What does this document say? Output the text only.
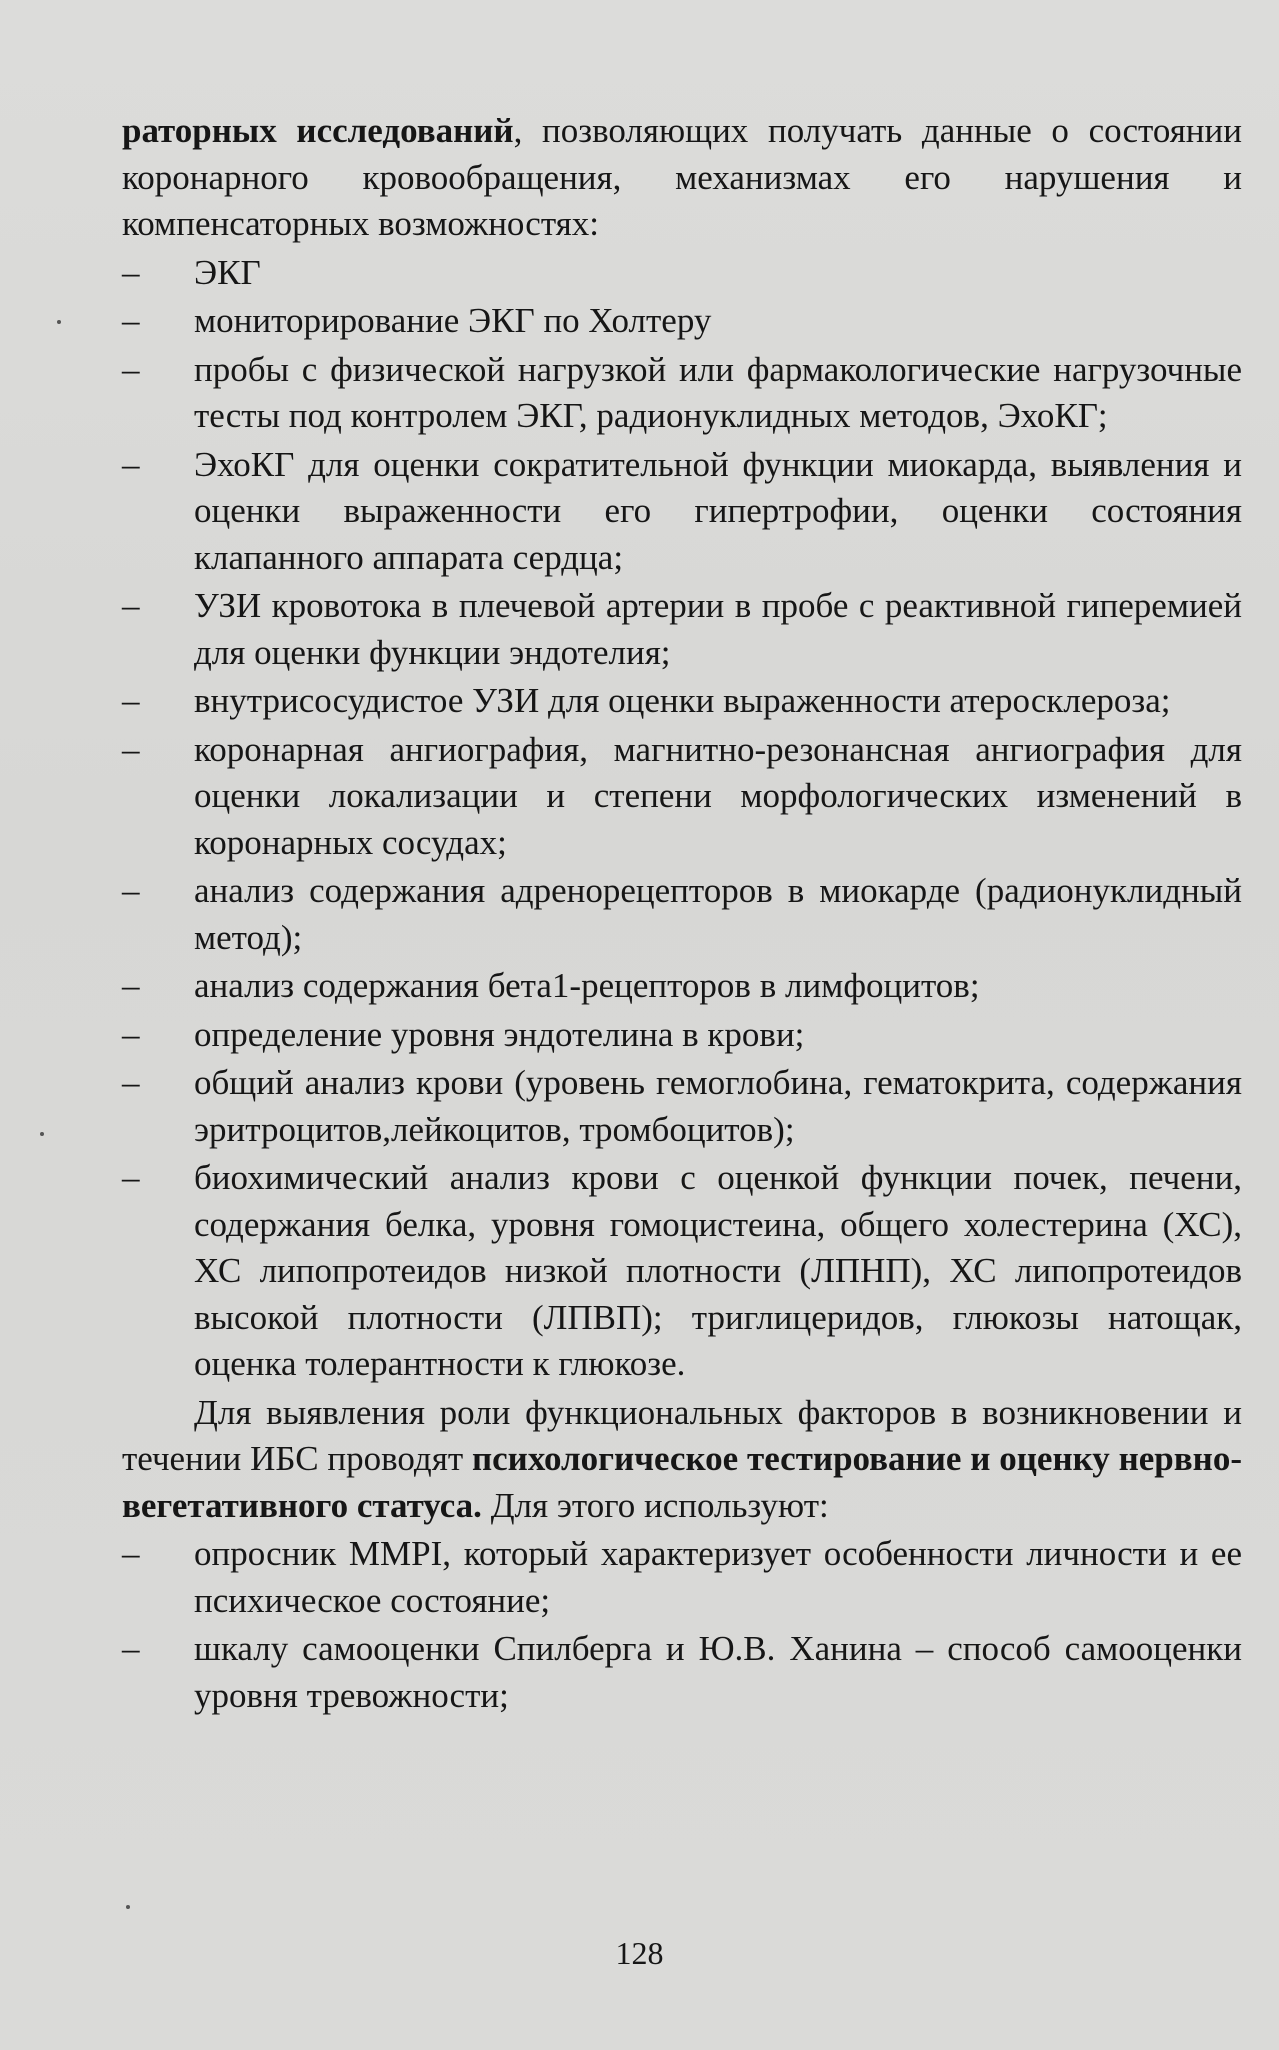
раторных исследований, позволяющих получать данные о состоянии коронарного кровообращения, механизмах его нарушения и компенсаторных возможностях:

–	ЭКГ
–	мониторирование ЭКГ по Холтеру
–	пробы с физической нагрузкой или фармакологические нагрузочные тесты под контролем ЭКГ, радионуклидных методов, ЭхоКГ;
–	ЭхоКГ для оценки сократительной функции миокарда, выявления и оценки выраженности его гипертрофии, оценки состояния клапанного аппарата сердца;
–	УЗИ кровотока в плечевой артерии в пробе с реактивной гиперемией для оценки функции эндотелия;
–	внутрисосудистое УЗИ для оценки выраженности атеросклероза;
–	коронарная ангиография, магнитно-резонансная ангиография для оценки локализации и степени морфологических изменений в коронарных сосудах;
–	анализ содержания адренорецепторов в миокарде (радионуклидный метод);
–	анализ содержания бета1-рецепторов в лимфоцитов;
–	определение уровня эндотелина в крови;
–	общий анализ крови (уровень гемоглобина, гематокрита, содержания эритроцитов,лейкоцитов, тромбоцитов);
–	биохимический анализ крови с оценкой функции почек, печени, содержания белка, уровня гомоцистеина, общего холестерина (ХС), ХС липопротеидов низкой плотности (ЛПНП), ХС липопротеидов высокой плотности (ЛПВП); триглицеридов, глюкозы натощак, оценка толерантности к глюкозе.

Для выявления роли функциональных факторов в возникновении и течении ИБС проводят психологическое тестирование и оценку нервно-вегетативного статуса. Для этого используют:

–	опросник MMPI, который характеризует особенности личности и ее психическое состояние;
–	шкалу самооценки Спилберга и Ю.В. Ханина – способ самооценки уровня тревожности;
128
